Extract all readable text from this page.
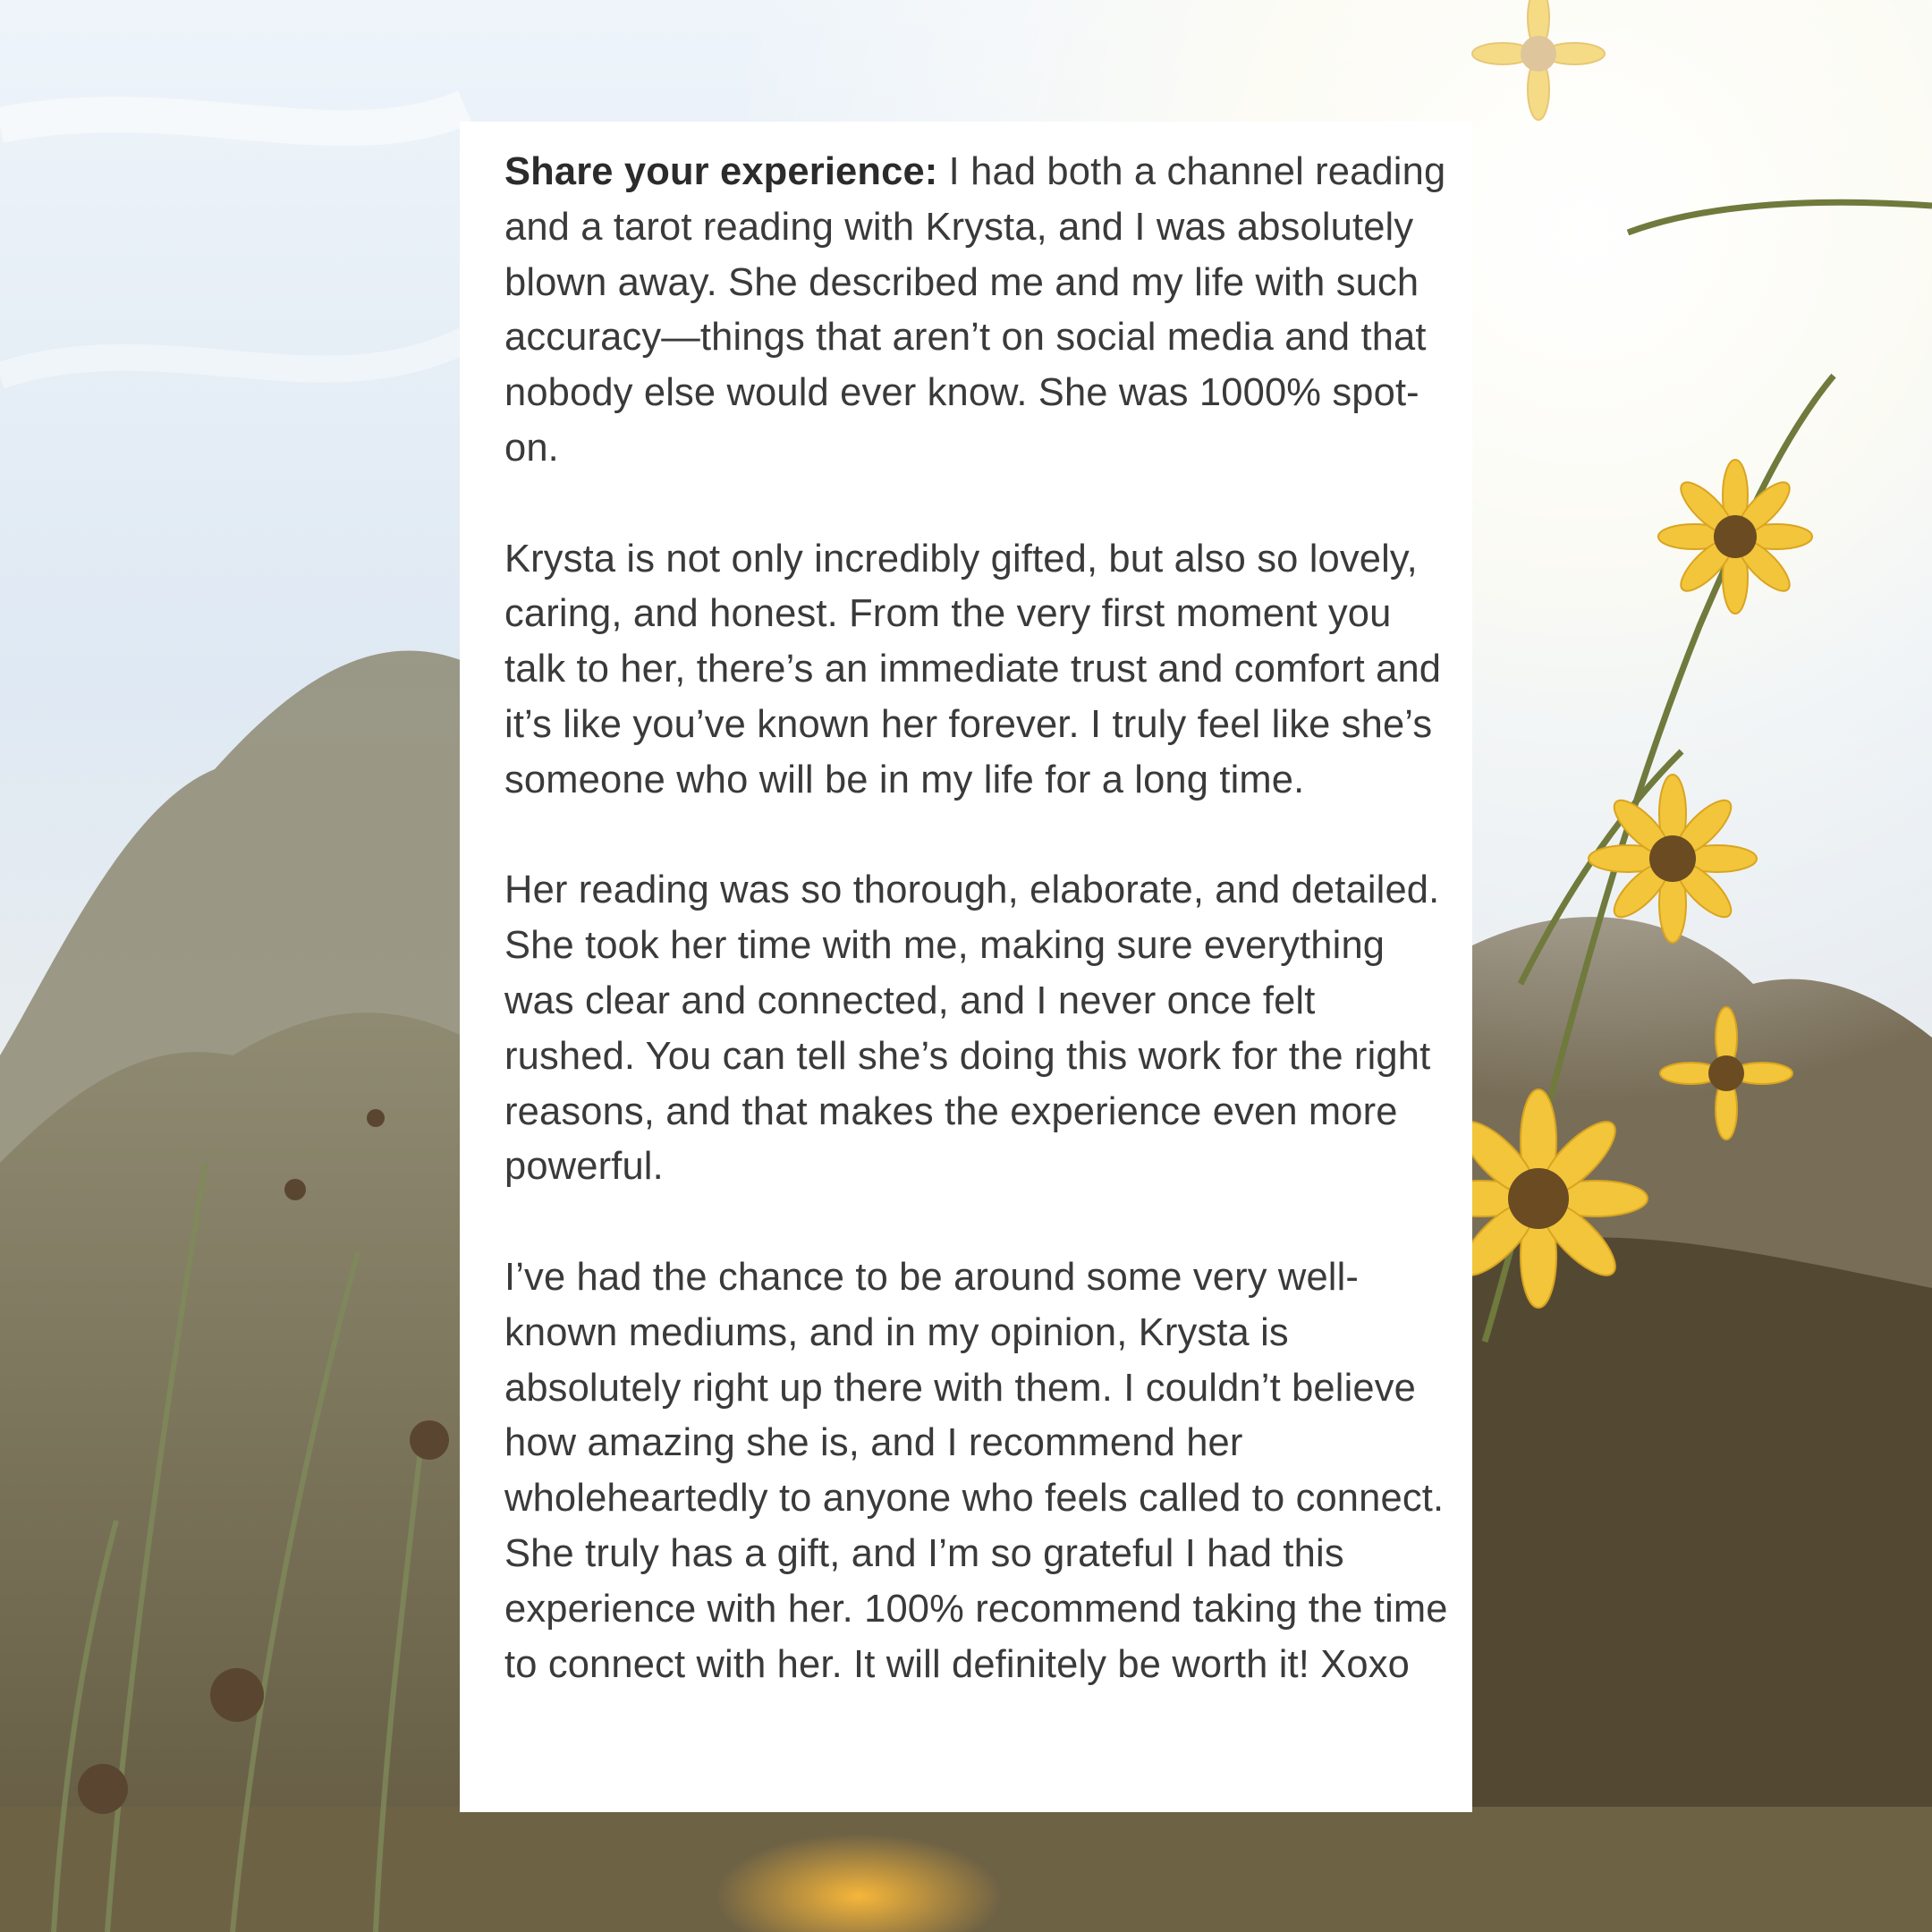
Share your experience: I had both a channel reading and a tarot reading with Krysta, and I was absolutely blown away. She described me and my life with such accuracy—things that aren’t on social media and that nobody else would ever know. She was 1000% spot-on.

Krysta is not only incredibly gifted, but also so lovely, caring, and honest. From the very first moment you talk to her, there’s an immediate trust and comfort and it’s like you’ve known her forever. I truly feel like she’s someone who will be in my life for a long time.

Her reading was so thorough, elaborate, and detailed. She took her time with me, making sure everything was clear and connected, and I never once felt rushed. You can tell she’s doing this work for the right reasons, and that makes the experience even more powerful.

I’ve had the chance to be around some very well-known mediums, and in my opinion, Krysta is absolutely right up there with them. I couldn’t believe how amazing she is, and I recommend her wholeheartedly to anyone who feels called to connect. She truly has a gift, and I’m so grateful I had this experience with her. 100% recommend taking the time to connect with her. It will definitely be worth it! Xoxo
